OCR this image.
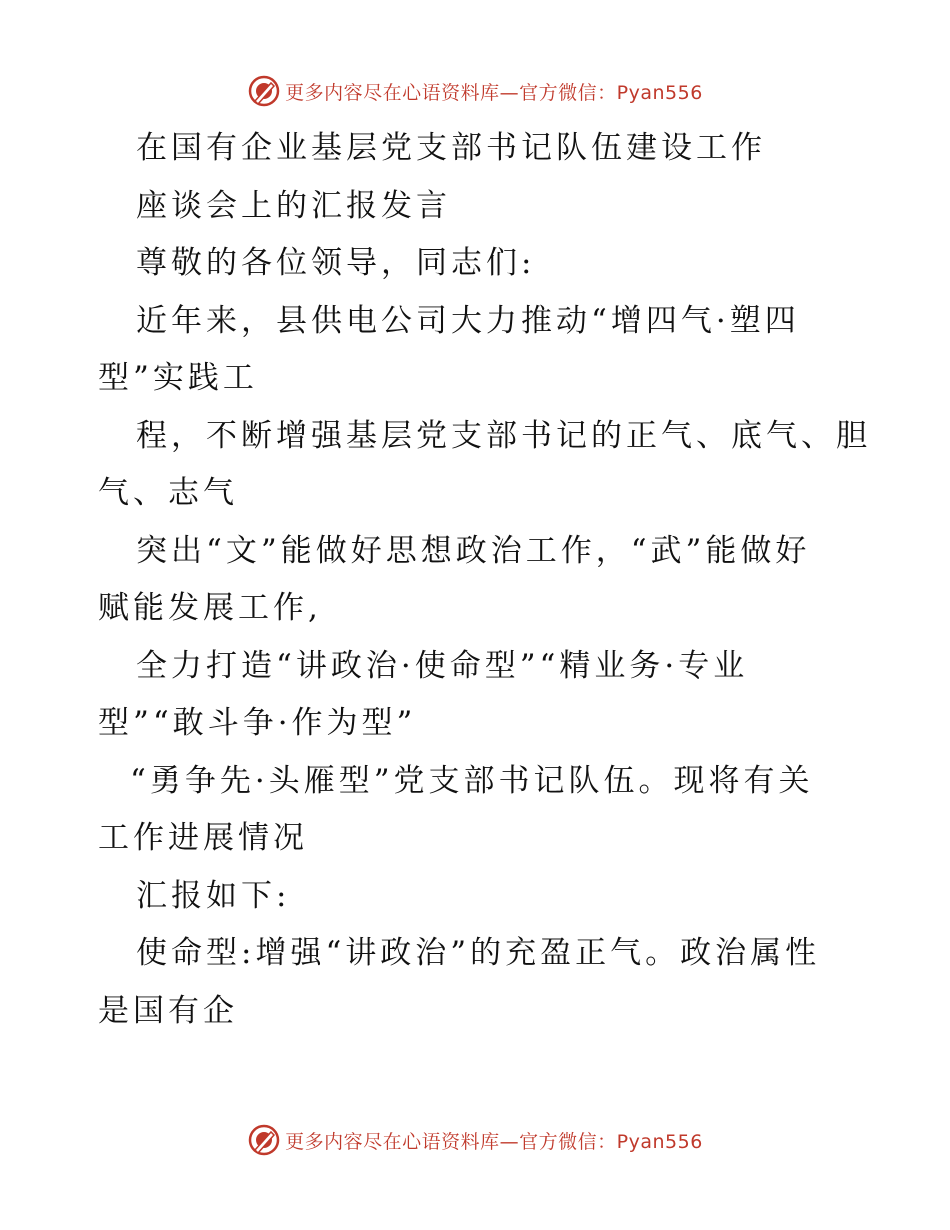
更多内容尽在心语资料库—官方微信：Pyan556
在国有企业基层党支部书记队伍建设工作
座谈会上的汇报发言
尊敬的各位领导，同志们:
近年来，县供电公司大力推动“增四气·塑四
型”实践工
程，不断增强基层党支部书记的正气、底气、胆
气、志气
突出“文”能做好思想政治工作，“武”能做好
赋能发展工作,
全力打造“讲政治·使命型”“精业务·专业
型”“敢斗争·作为型”
“勇争先·头雁型”党支部书记队伍。现将有关
工作进展情况
汇报如下:
使命型:增强“讲政治”的充盈正气。政治属性
是国有企
更多内容尽在心语资料库—官方微信：Pyan556
